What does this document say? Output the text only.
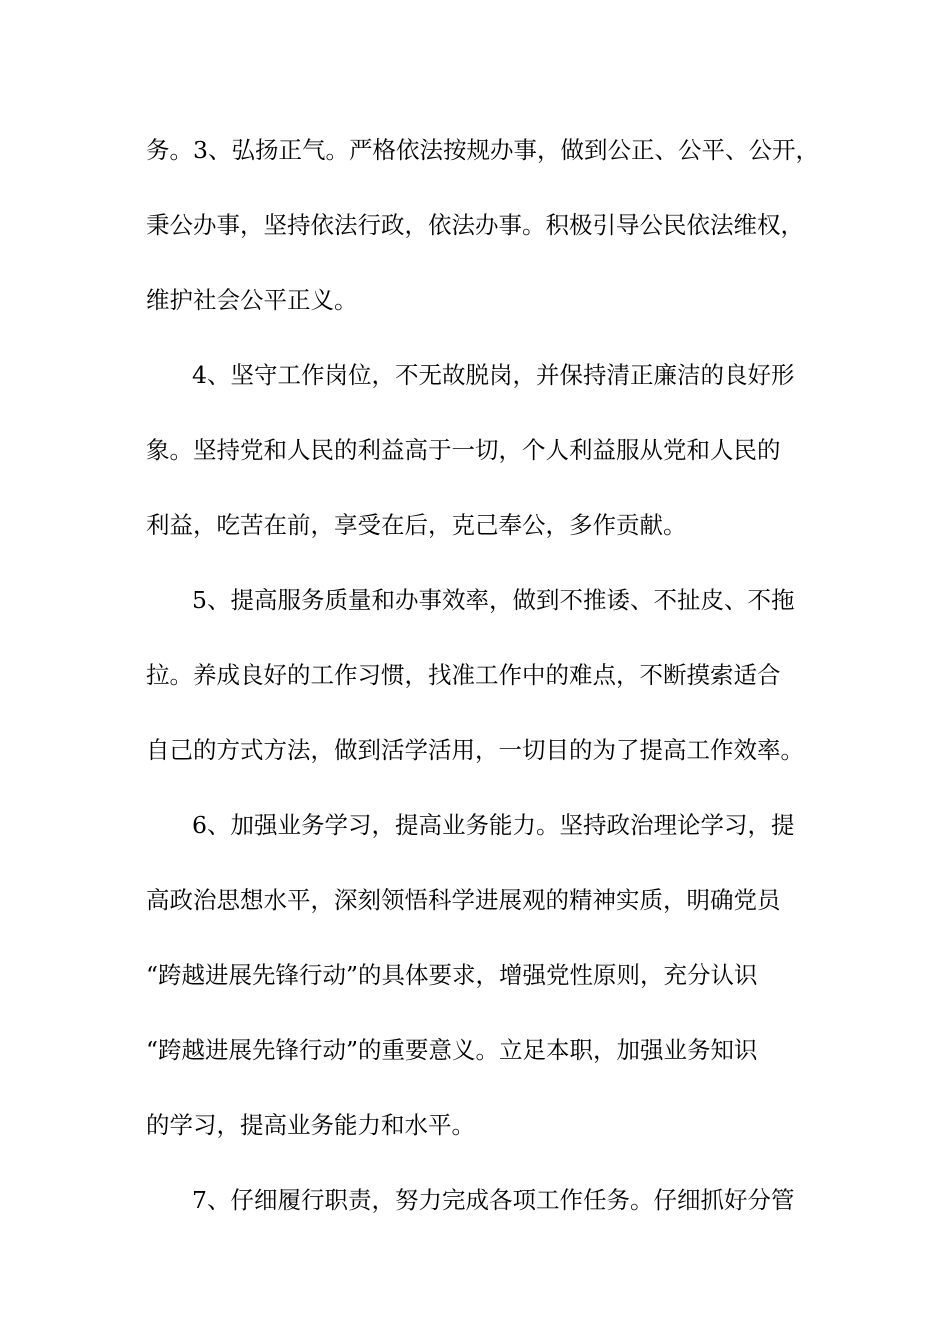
务。3、弘扬正气。严格依法按规办事，做到公正、公平、公开，
秉公办事，坚持依法行政，依法办事。积极引导公民依法维权，
维护社会公平正义。
4、坚守工作岗位，不无故脱岗，并保持清正廉洁的良好形
象。坚持党和人民的利益高于一切，个人利益服从党和人民的
利益，吃苦在前，享受在后，克己奉公，多作贡献。
5、提高服务质量和办事效率，做到不推诿、不扯皮、不拖
拉。养成良好的工作习惯，找准工作中的难点，不断摸索适合
自己的方式方法，做到活学活用，一切目的为了提高工作效率。
6、加强业务学习，提高业务能力。坚持政治理论学习，提
高政治思想水平，深刻领悟科学进展观的精神实质，明确党员
“跨越进展先锋行动”的具体要求，增强党性原则，充分认识
“跨越进展先锋行动”的重要意义。立足本职，加强业务知识
的学习，提高业务能力和水平。
7、仔细履行职责，努力完成各项工作任务。仔细抓好分管
